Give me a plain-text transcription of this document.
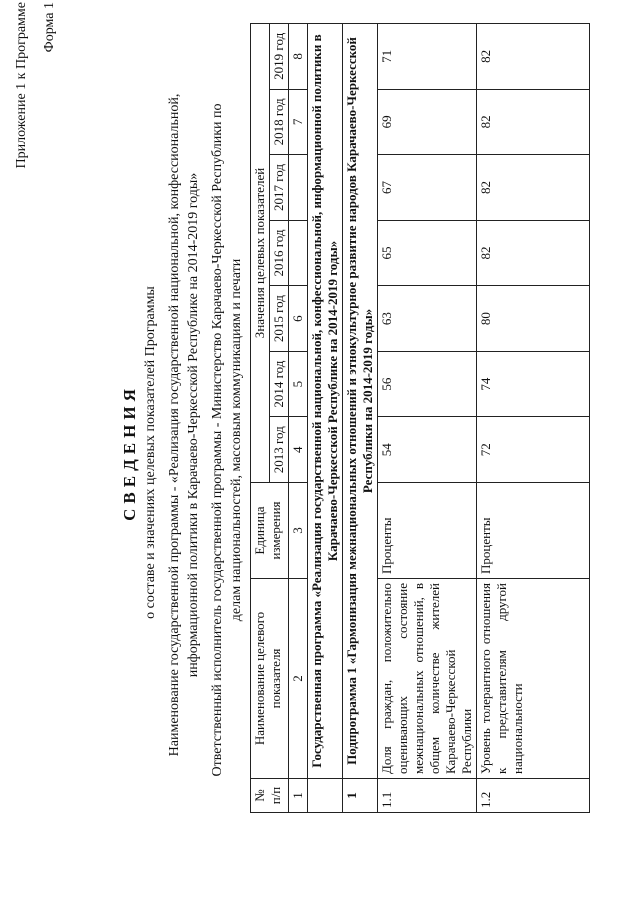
Приложение 1 к Программе Форма 1
СВЕДЕНИЯ о составе и значениях целевых показателей Программы Наименование государственной программы - «Реализация государственной национальной, конфессиональной, информационной политики в Карачаево-Черкесской Республике на 2014-2019 годы» Ответственный исполнитель государственной программы - Министерство Карачаево-Черкесской Республики по делам национальностей, массовым коммуникациям и печати
№ п/п	Наименование целевого показателя	Единица измерения	Значения целевых показателей						
			2013 год	2014 год	2015 год	2016 год	2017 год	2018 год	2019 год
1	2	3	4	5	6			7	8
	Государственная программа «Реализация государственной национальной, конфессиональной, информационной политики в Карачаево-Черкесской Республике на 2014-2019 годы»								
1	Подпрограмма 1 «Гармонизация межнациональных отношений и этнокультурное развитие народов Карачаево-Черкесской Республики на 2014-2019 годы»								
1.1	Доля граждан, положительно оценивающих состояние межнациональных отношений, в общем количестве жителей Карачаево-Черкесской Республики	Проценты	54	56	63	65	67	69	71
1.2	Уровень толерантного отношения к представителям другой национальности	Проценты	72	74	80	82	82	82	82
